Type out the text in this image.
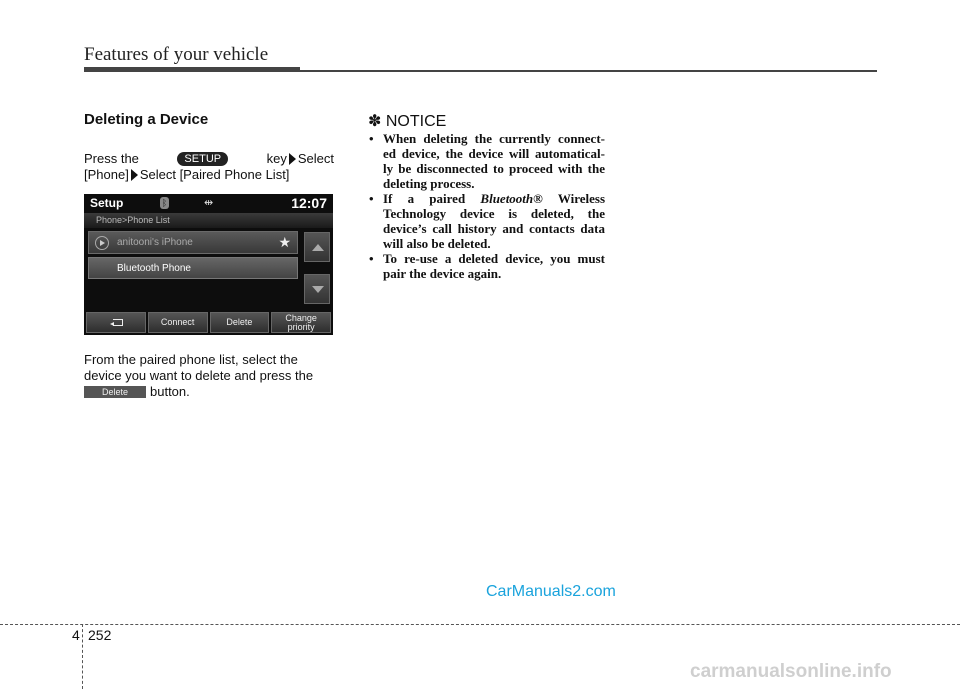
Features of your vehicle
Deleting a Device
Press the	SETUP	key Select
[Phone] Select [Paired Phone List]
Setup	ᛒ	⇹	12:07
Phone>Phone List
anitooni's iPhone	★
Bluetooth Phone
Connect	Delete	Change priority
From the paired phone list, select the
device you want to delete and press the
Delete	button.
✽ NOTICE
• When deleting the currently connect- ed device, the device will automatical- ly be disconnected to proceed with the deleting process.
• If a paired Bluetooth® Wireless Technology device is deleted, the device’s call history and contacts data will also be deleted.
• To re-use a deleted device, you must pair the device again.
CarManuals2.com
4 252
carmanualsonline.info
